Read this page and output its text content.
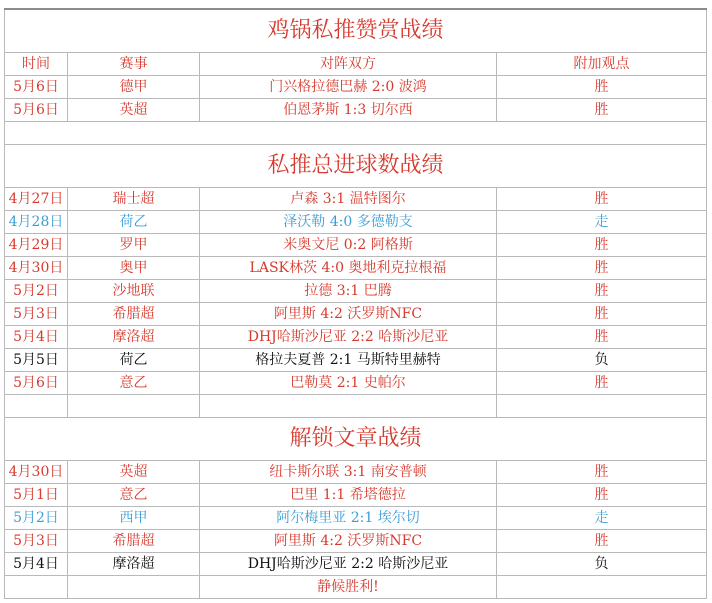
鸡锅私推赞赏战绩			
时间	赛事	对阵双方	附加观点
5月6日	德甲	门兴格拉德巴赫 2:0 波鸿	胜
5月6日	英超	伯恩茅斯 1:3 切尔西	胜

私推总进球数战绩			
4月27日	瑞士超	卢森 3:1 温特图尔	胜
4月28日	荷乙	泽沃勒 4:0 多德勒支	走
4月29日	罗甲	米奥文尼 0:2 阿格斯	胜
4月30日	奥甲	LASK林茨 4:0 奥地利克拉根福	胜
5月2日	沙地联	拉德 3:1 巴腾	胜
5月3日	希腊超	阿里斯 4:2 沃罗斯NFC	胜
5月4日	摩洛超	DHJ哈斯沙尼亚 2:2 哈斯沙尼亚	胜
5月5日	荷乙	格拉夫夏普 2:1 马斯特里赫特	负
5月6日	意乙	巴勒莫 2:1 史帕尔	胜

解锁文章战绩			
4月30日	英超	纽卡斯尔联 3:1 南安普顿	胜
5月1日	意乙	巴里 1:1 希塔德拉	胜
5月2日	西甲	阿尔梅里亚 2:1 埃尔切	走
5月3日	希腊超	阿里斯 4:2 沃罗斯NFC	胜
5月4日	摩洛超	DHJ哈斯沙尼亚 2:2 哈斯沙尼亚	负
		静候胜利!	
